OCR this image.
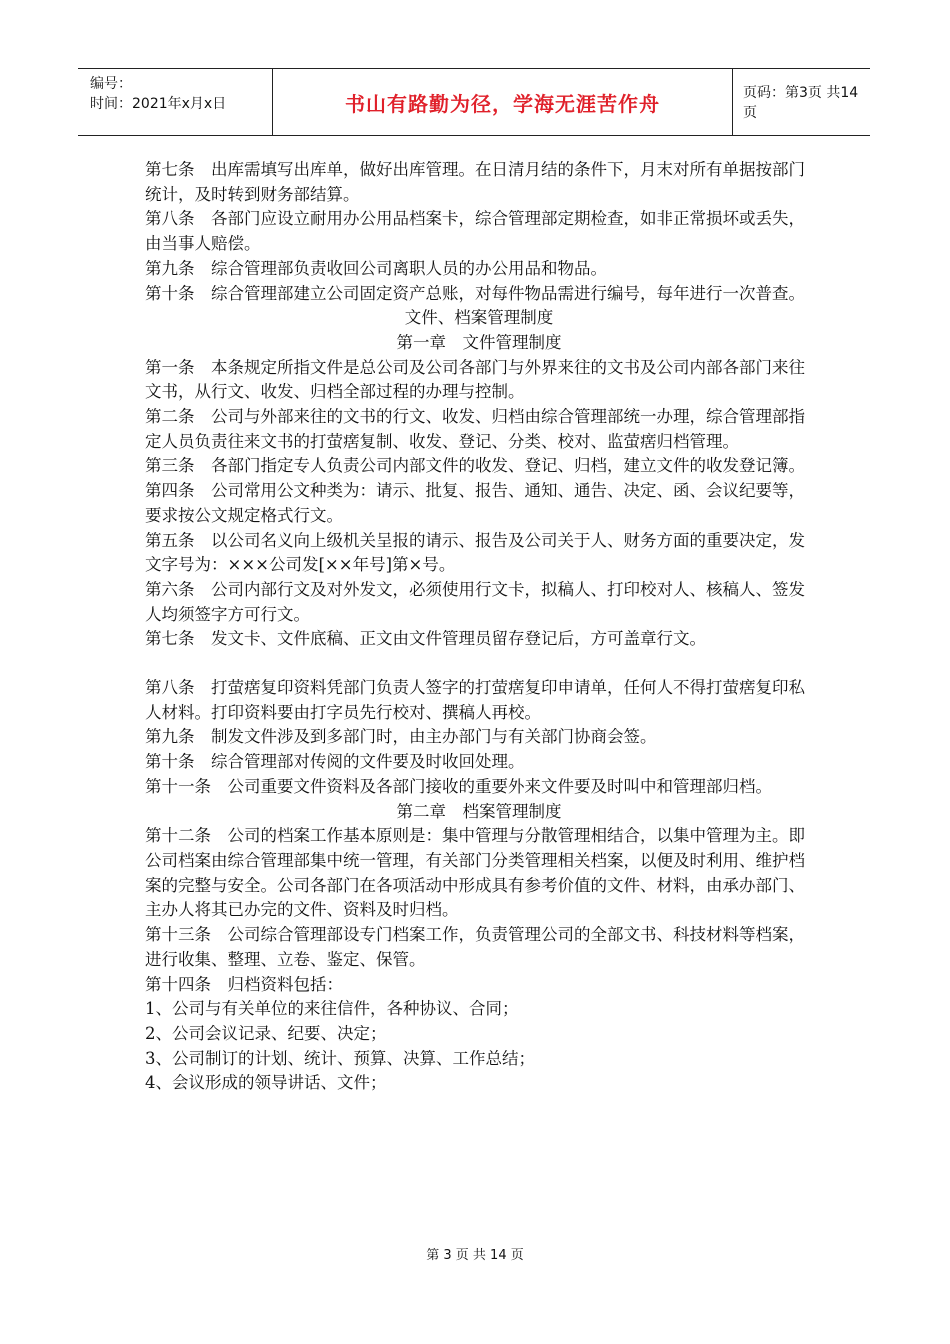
编号：
时间：2021年x月x日	书山有路勤为径，学海无涯苦作舟	页码：第3页 共14页

第七条　出库需填写出库单，做好出库管理。在日清月结的条件下，月末对所有单据按部门统计，及时转到财务部结算。

第八条　各部门应设立耐用办公用品档案卡，综合管理部定期检查，如非正常损坏或丢失，由当事人赔偿。

第九条　综合管理部负责收回公司离职人员的办公用品和物品。

第十条　综合管理部建立公司固定资产总账，对每件物品需进行编号，每年进行一次普查。

文件、档案管理制度

第一章　文件管理制度

第一条　本条规定所指文件是总公司及公司各部门与外界来往的文书及公司内部各部门来往文书，从行文、收发、归档全部过程的办理与控制。

第二条　公司与外部来往的文书的行文、收发、归档由综合管理部统一办理，综合管理部指定人员负责往来文书的打萤瘔复制、收发、登记、分类、校对、监萤瘔归档管理。

第三条　各部门指定专人负责公司内部文件的收发、登记、归档，建立文件的收发登记簿。

第四条　公司常用公文种类为：请示、批复、报告、通知、通告、决定、函、会议纪要等，要求按公文规定格式行文。

第五条　以公司名义向上级机关呈报的请示、报告及公司关于人、财务方面的重要决定，发文字号为：×××公司发[××年号]第×号。

第六条　公司内部行文及对外发文，必须使用行文卡，拟稿人、打印校对人、核稿人、签发人均须签字方可行文。

第七条　发文卡、文件底稿、正文由文件管理员留存登记后，方可盖章行文。

第八条　打萤瘔复印资料凭部门负责人签字的打萤瘔复印申请单，任何人不得打萤瘔复印私人材料。打印资料要由打字员先行校对、撰稿人再校。

第九条　制发文件涉及到多部门时，由主办部门与有关部门协商会签。

第十条　综合管理部对传阅的文件要及时收回处理。

第十一条　公司重要文件资料及各部门接收的重要外来文件要及时叫中和管理部归档。

第二章　档案管理制度

第十二条　公司的档案工作基本原则是：集中管理与分散管理相结合，以集中管理为主。即公司档案由综合管理部集中统一管理，有关部门分类管理相关档案，以便及时利用、维护档案的完整与安全。公司各部门在各项活动中形成具有参考价值的文件、材料，由承办部门、主办人将其已办完的文件、资料及时归档。

第十三条　公司综合管理部设专门档案工作，负责管理公司的全部文书、科技材料等档案，进行收集、整理、立卷、鉴定、保管。

第十四条　归档资料包括：

1、公司与有关单位的来往信件，各种协议、合同；

2、公司会议记录、纪要、决定；

3、公司制订的计划、统计、预算、决算、工作总结；

4、会议形成的领导讲话、文件；

第 3 页 共 14 页
